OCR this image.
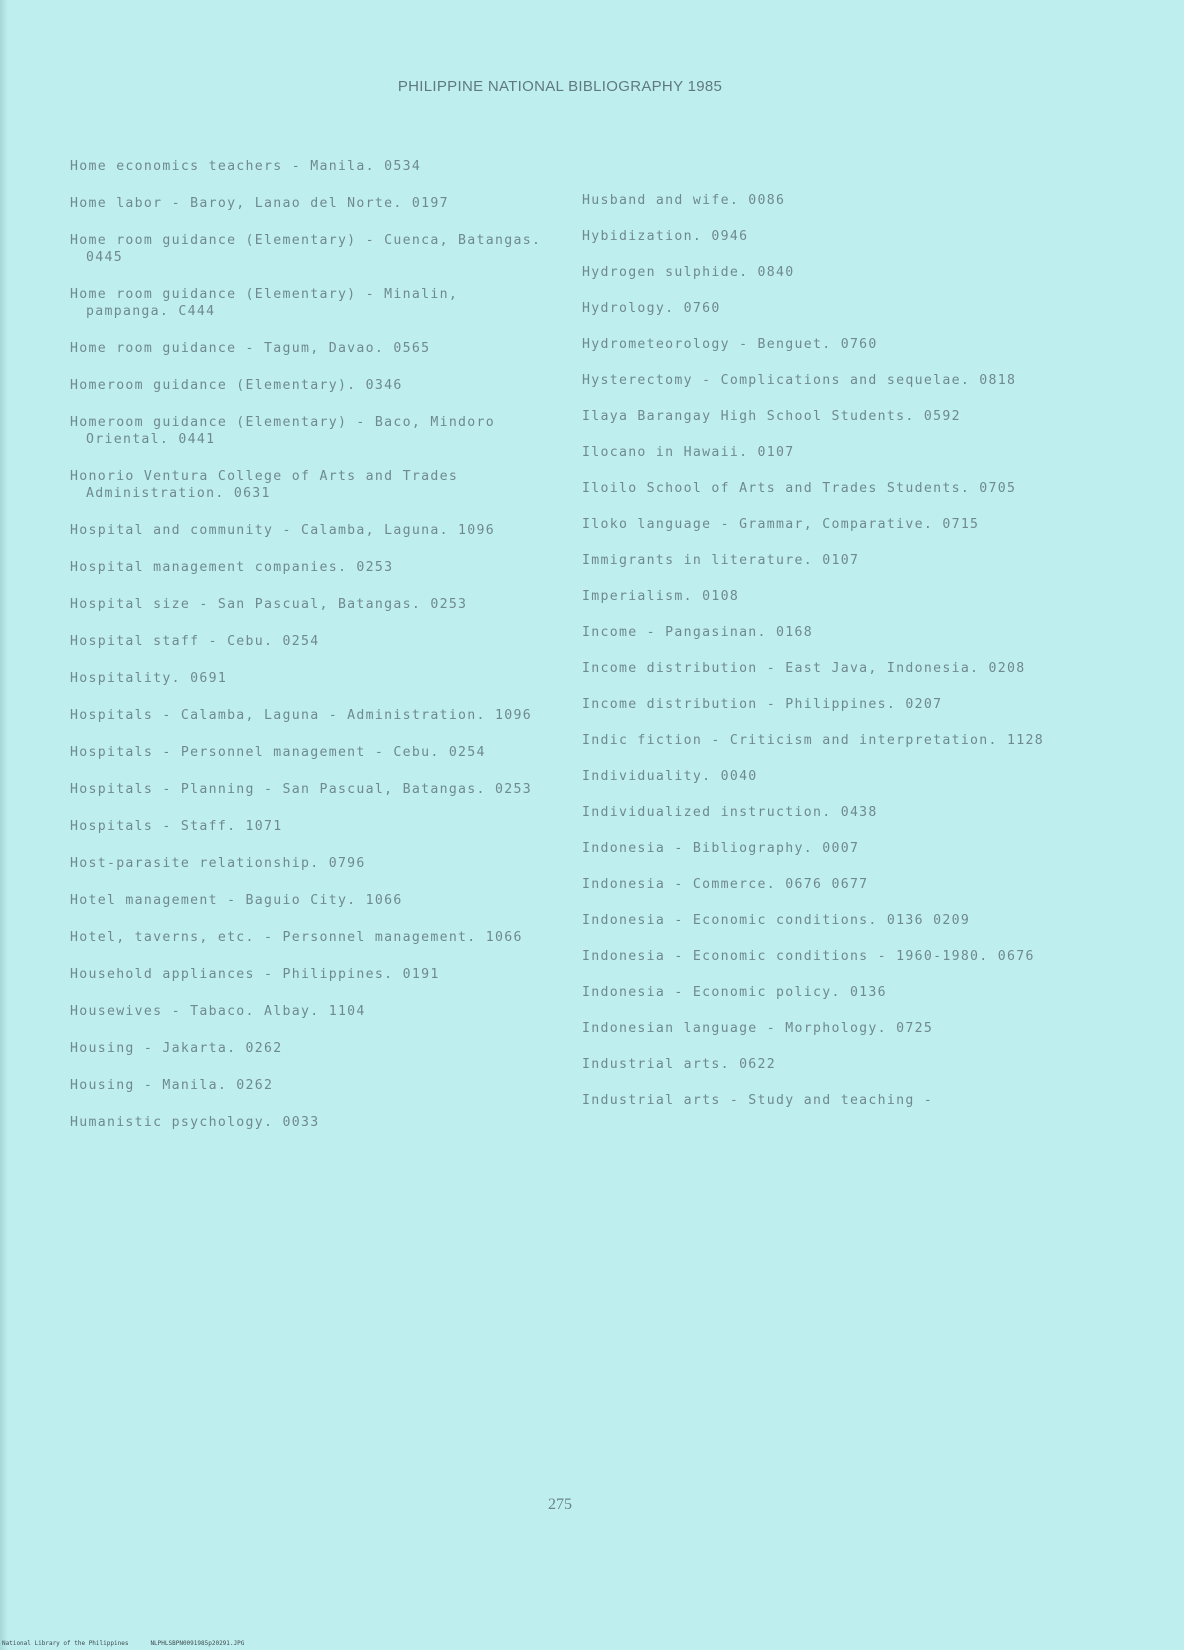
PHILIPPINE NATIONAL BIBLIOGRAPHY 1985
Home economics teachers - Manila. 0534
Home labor - Baroy, Lanao del Norte. 0197
Home room guidance (Elementary) - Cuenca, Batangas. 0445
Home room guidance (Elementary) - Minalin, pampanga. C444
Home room guidance - Tagum, Davao. 0565
Homeroom guidance (Elementary). 0346
Homeroom guidance (Elementary) - Baco, Mindoro Oriental. 0441
Honorio Ventura College of Arts and Trades Administration. 0631
Hospital and community - Calamba, Laguna. 1096
Hospital management companies. 0253
Hospital size - San Pascual, Batangas. 0253
Hospital staff - Cebu. 0254
Hospitality. 0691
Hospitals - Calamba, Laguna - Administration. 1096
Hospitals - Personnel management - Cebu. 0254
Hospitals - Planning - San Pascual, Batangas. 0253
Hospitals - Staff. 1071
Host-parasite relationship. 0796
Hotel management - Baguio City. 1066
Hotel, taverns, etc. - Personnel management. 1066
Household appliances - Philippines. 0191
Housewives - Tabaco. Albay. 1104
Housing - Jakarta. 0262
Housing - Manila. 0262
Humanistic psychology. 0033
Husband and wife. 0086
Hybidization. 0946
Hydrogen sulphide. 0840
Hydrology. 0760
Hydrometeorology - Benguet. 0760
Hysterectomy - Complications and sequelae. 0818
Ilaya Barangay High School Students. 0592
Ilocano in Hawaii. 0107
Iloilo School of Arts and Trades Students. 0705
Iloko language - Grammar, Comparative. 0715
Immigrants in literature. 0107
Imperialism. 0108
Income - Pangasinan. 0168
Income distribution - East Java, Indonesia. 0208
Income distribution - Philippines. 0207
Indic fiction - Criticism and interpretation. 1128
Individuality. 0040
Individualized instruction. 0438
Indonesia - Bibliography. 0007
Indonesia - Commerce. 0676 0677
Indonesia - Economic conditions. 0136 0209
Indonesia - Economic conditions - 1960-1980. 0676
Indonesia - Economic policy. 0136
Indonesian language - Morphology. 0725
Industrial arts. 0622
Industrial arts - Study and teaching -
275
National Library of the Philippines	NLPHLSBPN0091985p20291.JPG
